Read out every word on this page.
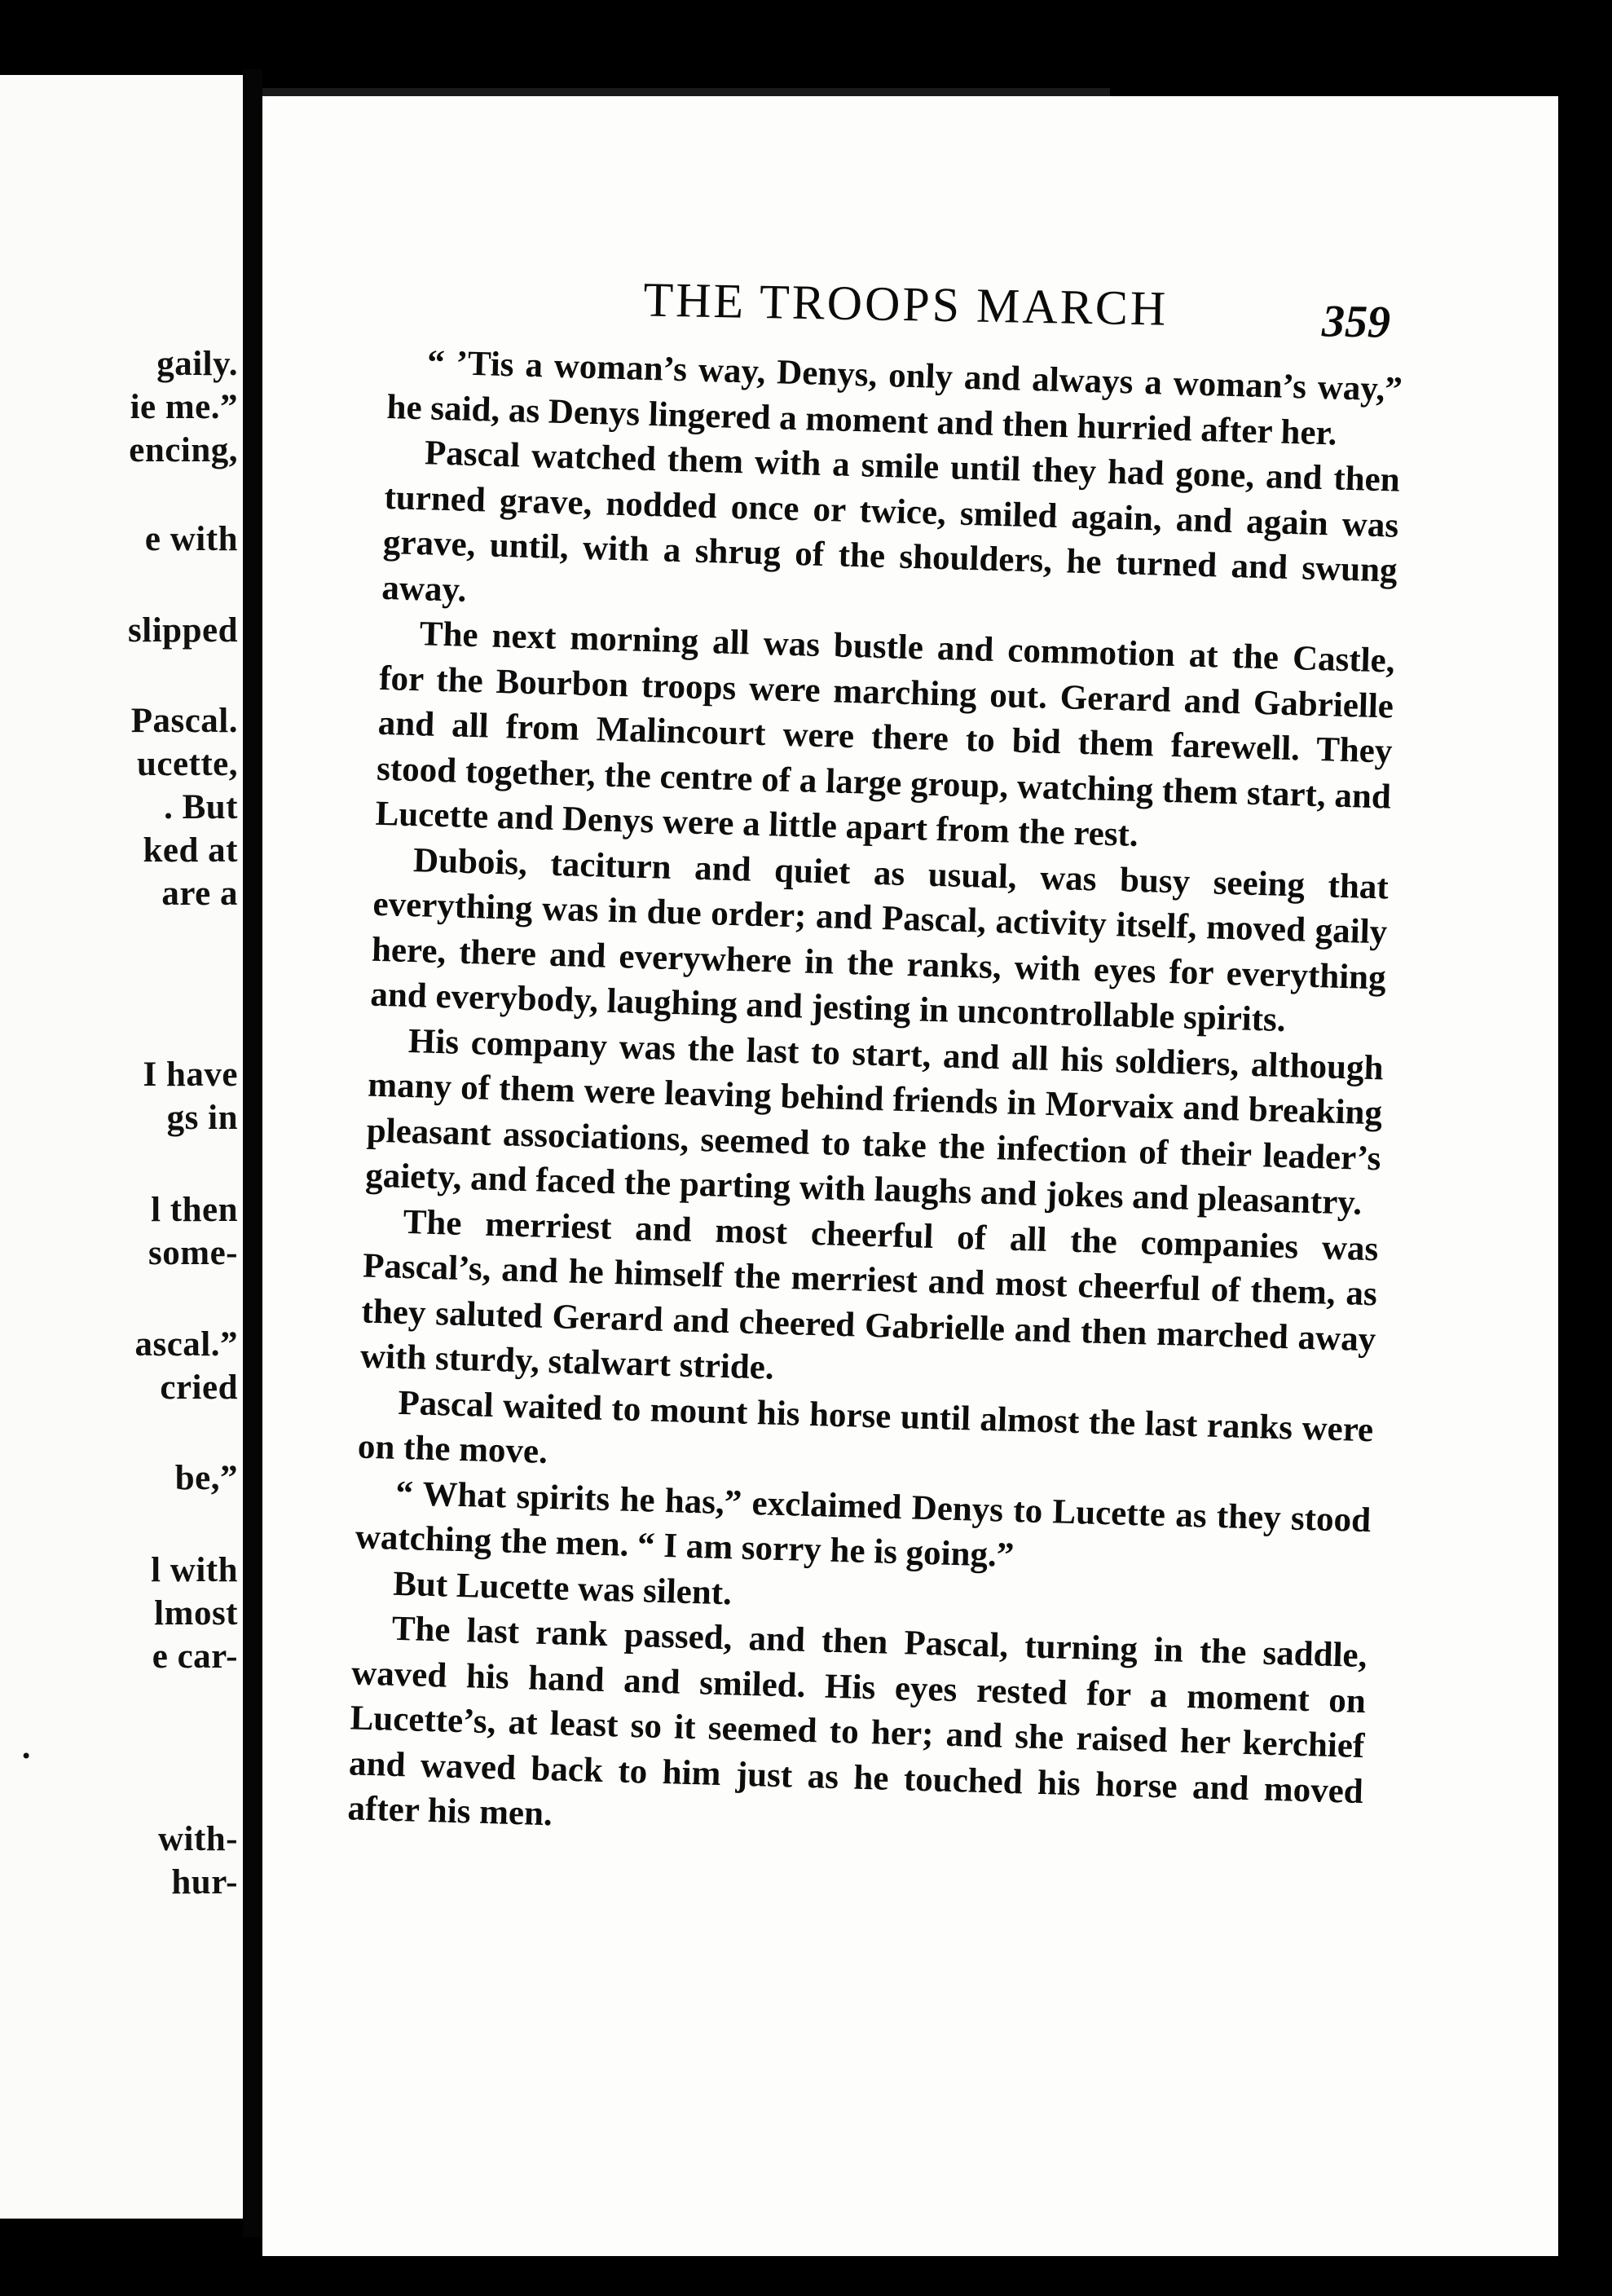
gaily.
ie me.”
encing,
e with
slipped
Pascal.
ucette,
. But
ked at
are a
I have
gs in
l then
some-
ascal.”
cried
be,”
l with
lmost
e car-
.
with-
hur-
THE TROOPS MARCH	359

“ ’Tis a woman’s way, Denys, only and always a woman’s way,” he said, as Denys lingered a moment and then hurried after her.

Pascal watched them with a smile until they had gone, and then turned grave, nodded once or twice, smiled again, and again was grave, until, with a shrug of the shoulders, he turned and swung away.

The next morning all was bustle and commotion at the Castle, for the Bourbon troops were marching out. Gerard and Gabrielle and all from Malincourt were there to bid them farewell. They stood together, the centre of a large group, watching them start, and Lucette and Denys were a little apart from the rest.

Dubois, taciturn and quiet as usual, was busy seeing that everything was in due order; and Pascal, activity itself, moved gaily here, there and everywhere in the ranks, with eyes for everything and everybody, laughing and jesting in uncontrollable spirits.

His company was the last to start, and all his soldiers, although many of them were leaving behind friends in Morvaix and breaking pleasant associations, seemed to take the infection of their leader’s gaiety, and faced the parting with laughs and jokes and pleasantry.

The merriest and most cheerful of all the companies was Pascal’s, and he himself the merriest and most cheerful of them, as they saluted Gerard and cheered Gabrielle and then marched away with sturdy, stalwart stride.

Pascal waited to mount his horse until almost the last ranks were on the move.

“ What spirits he has,” exclaimed Denys to Lucette as they stood watching the men. “ I am sorry he is going.”

But Lucette was silent.

The last rank passed, and then Pascal, turning in the saddle, waved his hand and smiled. His eyes rested for a moment on Lucette’s, at least so it seemed to her; and she raised her kerchief and waved back to him just as he touched his horse and moved after his men.
